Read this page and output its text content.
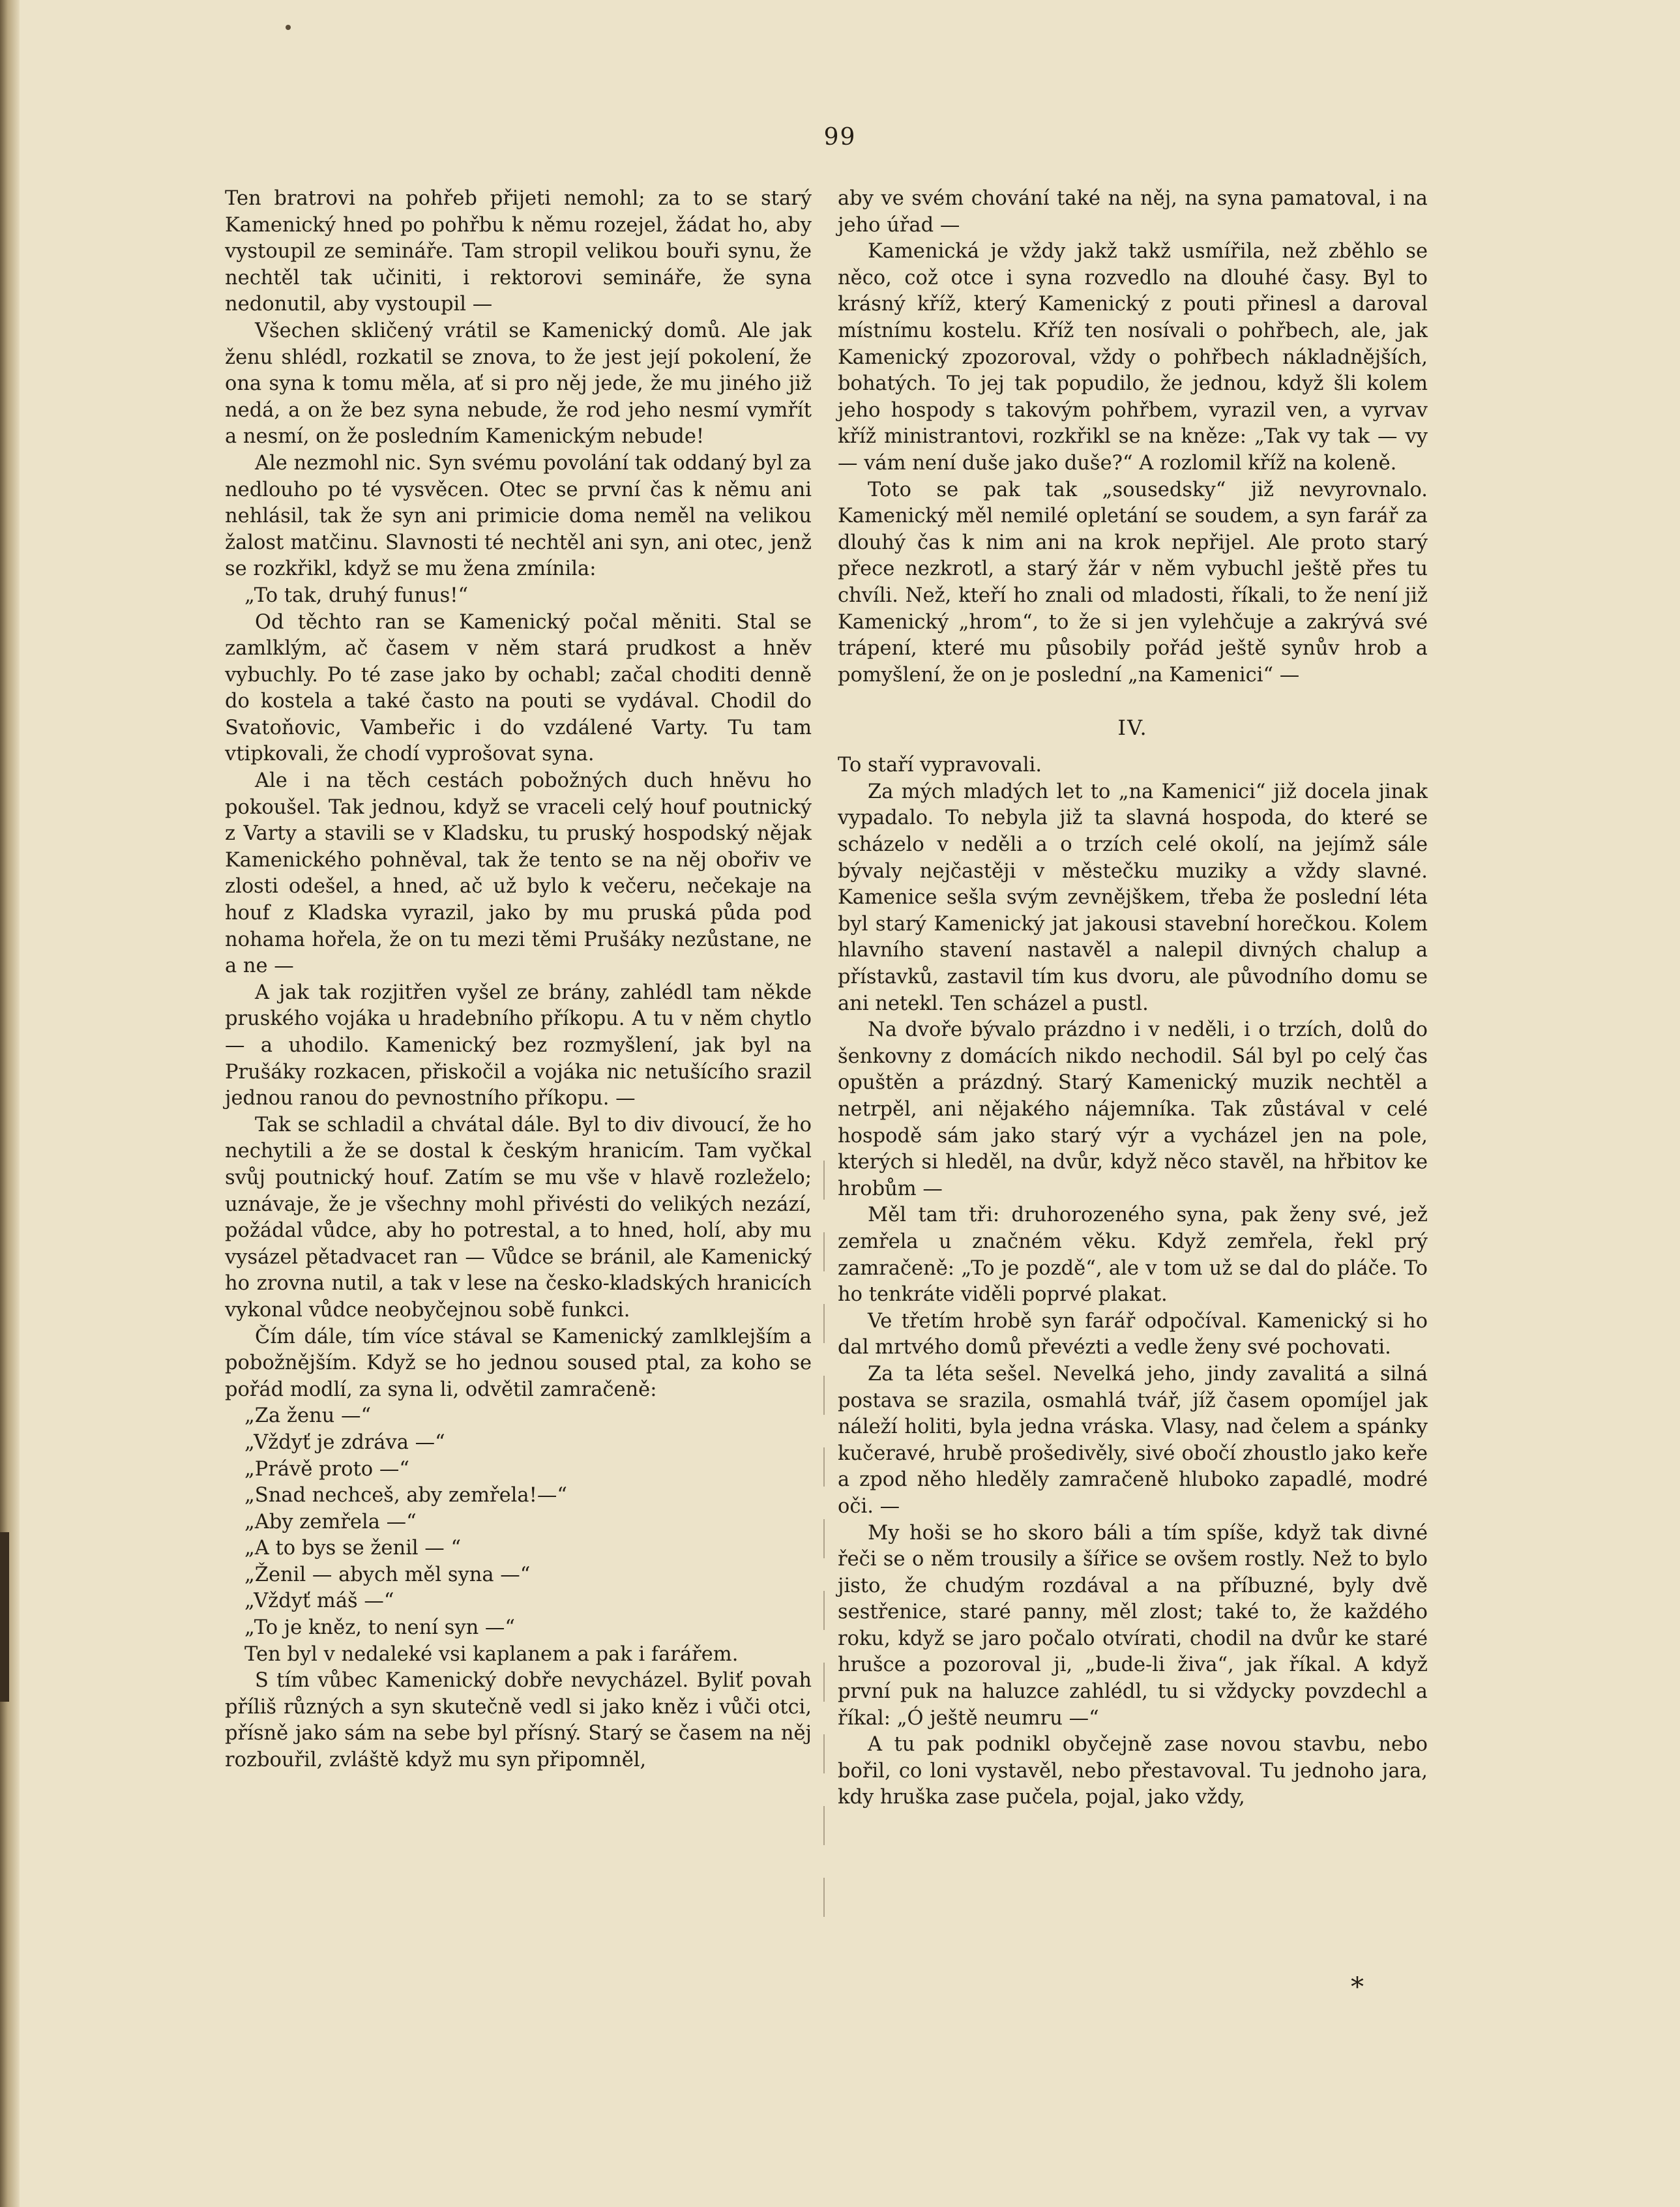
99

Ten bratrovi na pohřeb přijeti nemohl; za to se starý Kamenický hned po pohřbu k němu rozejel, žádat ho, aby vystoupil ze semináře. Tam stropil velikou bouři synu, že nechtěl tak učiniti, i rektorovi semináře, že syna nedonutil, aby vystoupil —

Všechen skličený vrátil se Kamenický domů. Ale jak ženu shlédl, rozkatil se znova, to že jest její pokolení, že ona syna k tomu měla, ať si pro něj jede, že mu jiného již nedá, a on že bez syna nebude, že rod jeho nesmí vymřít a nesmí, on že posledním Kamenickým nebude!

Ale nezmohl nic. Syn svému povolání tak oddaný byl za nedlouho po té vysvěcen. Otec se první čas k němu ani nehlásil, tak že syn ani primicie doma neměl na velikou žalost matčinu. Slavnosti té nechtěl ani syn, ani otec, jenž se rozkřikl, když se mu žena zmínila:

„To tak, druhý funus!“

Od těchto ran se Kamenický počal měniti. Stal se zamlklým, ač časem v něm stará prudkost a hněv vybuchly. Po té zase jako by ochabl; začal choditi denně do kostela a také často na pouti se vydával. Chodil do Svatoňovic, Vambeřic i do vzdálené Varty. Tu tam vtipkovali, že chodí vyprošovat syna.

Ale i na těch cestách pobožných duch hněvu ho pokoušel. Tak jednou, když se vraceli celý houf poutnický z Varty a stavili se v Kladsku, tu pruský hospodský nějak Kamenického pohněval, tak že tento se na něj obořiv ve zlosti odešel, a hned, ač už bylo k večeru, nečekaje na houf z Kladska vyrazil, jako by mu pruská půda pod nohama hořela, že on tu mezi těmi Prušáky nezůstane, ne a ne —

A jak tak rozjitřen vyšel ze brány, zahlédl tam někde pruského vojáka u hradebního příkopu. A tu v něm chytlo — a uhodilo. Kamenický bez rozmyšlení, jak byl na Prušáky rozkacen, přiskočil a vojáka nic netušícího srazil jednou ranou do pevnostního příkopu. —

Tak se schladil a chvátal dále. Byl to div divoucí, že ho nechytili a že se dostal k českým hranicím. Tam vyčkal svůj poutnický houf. Zatím se mu vše v hlavě rozleželo; uznávaje, že je všechny mohl přivésti do velikých nezází, požádal vůdce, aby ho potrestal, a to hned, holí, aby mu vysázel pětadvacet ran — Vůdce se bránil, ale Kamenický ho zrovna nutil, a tak v lese na česko-kladských hranicích vykonal vůdce neobyčejnou sobě funkci.

Čím dále, tím více stával se Kamenický zamlklejším a pobožnějším. Když se ho jednou soused ptal, za koho se pořád modlí, za syna li, odvětil zamračeně:

„Za ženu —“

„Vždyť je zdráva —“

„Právě proto —“

„Snad nechceš, aby zemřela!—“

„Aby zemřela —“

„A to bys se ženil — “

„Ženil — abych měl syna —“

„Vždyť máš —“

„To je kněz, to není syn —“

Ten byl v nedaleké vsi kaplanem a pak i farářem.

S tím vůbec Kamenický dobře nevycházel. Byliť povah příliš různých a syn skutečně vedl si jako kněz i vůči otci, přísně jako sám na sebe byl přísný. Starý se časem na něj rozbouřil, zvláště když mu syn připomněl,

aby ve svém chování také na něj, na syna pamatoval, i na jeho úřad —

Kamenická je vždy jakž takž usmířila, než zběhlo se něco, což otce i syna rozvedlo na dlouhé časy. Byl to krásný kříž, který Kamenický z pouti přinesl a daroval místnímu kostelu. Kříž ten nosívali o pohřbech, ale, jak Kamenický zpozoroval, vždy o pohřbech nákladnějších, bohatých. To jej tak popudilo, že jednou, když šli kolem jeho hospody s takovým pohřbem, vyrazil ven, a vyrvav kříž ministrantovi, rozkřikl se na kněze: „Tak vy tak — vy — vám není duše jako duše?“ A rozlomil kříž na koleně.

Toto se pak tak „sousedsky“ již nevyrovnalo. Kamenický měl nemilé opletání se soudem, a syn farář za dlouhý čas k nim ani na krok nepřijel. Ale proto starý přece nezkrotl, a starý žár v něm vybuchl ještě přes tu chvíli. Než, kteří ho znali od mladosti, říkali, to že není již Kamenický „hrom“, to že si jen vylehčuje a zakrývá své trápení, které mu působily pořád ještě synův hrob a pomyšlení, že on je poslední „na Kamenici“ —

IV.

To staří vypravovali.

Za mých mladých let to „na Kamenici“ již docela jinak vypadalo. To nebyla již ta slavná hospoda, do které se scházelo v neděli a o trzích celé okolí, na jejímž sále bývaly nejčastěji v městečku muziky a vždy slavné. Kamenice sešla svým zevnějškem, třeba že poslední léta byl starý Kamenický jat jakousi stavební horečkou. Kolem hlavního stavení nastavěl a nalepil divných chalup a přístavků, zastavil tím kus dvoru, ale původního domu se ani netekl. Ten scházel a pustl.

Na dvoře bývalo prázdno i v neděli, i o trzích, dolů do šenkovny z domácích nikdo nechodil. Sál byl po celý čas opuštěn a prázdný. Starý Kamenický muzik nechtěl a netrpěl, ani nějakého nájemníka. Tak zůstával v celé hospodě sám jako starý výr a vycházel jen na pole, kterých si hleděl, na dvůr, když něco stavěl, na hřbitov ke hrobům —

Měl tam tři: druhorozeného syna, pak ženy své, jež zemřela u značném věku. Když zemřela, řekl prý zamračeně: „To je pozdě“, ale v tom už se dal do pláče. To ho tenkráte viděli poprvé plakat.

Ve třetím hrobě syn farář odpočíval. Kamenický si ho dal mrtvého domů převézti a vedle ženy své pochovati.

Za ta léta sešel. Nevelká jeho, jindy zavalitá a silná postava se srazila, osmahlá tvář, jíž časem opomíjel jak náleží holiti, byla jedna vráska. Vlasy, nad čelem a spánky kučeravé, hrubě prošedivěly, sivé obočí zhoustlo jako keře a zpod něho hleděly zamračeně hluboko zapadlé, modré oči. —

My hoši se ho skoro báli a tím spíše, když tak divné řeči se o něm trousily a šířice se ovšem rostly. Než to bylo jisto, že chudým rozdával a na příbuzné, byly dvě sestřenice, staré panny, měl zlost; také to, že každého roku, když se jaro počalo otvírati, chodil na dvůr ke staré hrušce a pozoroval ji, „bude-li živa“, jak říkal. A když první puk na haluzce zahlédl, tu si vždycky povzdechl a říkal: „Ó ještě neumru —“

A tu pak podnikl obyčejně zase novou stavbu, nebo bořil, co loni vystavěl, nebo přestavoval. Tu jednoho jara, kdy hruška zase pučela, pojal, jako vždy,

*
